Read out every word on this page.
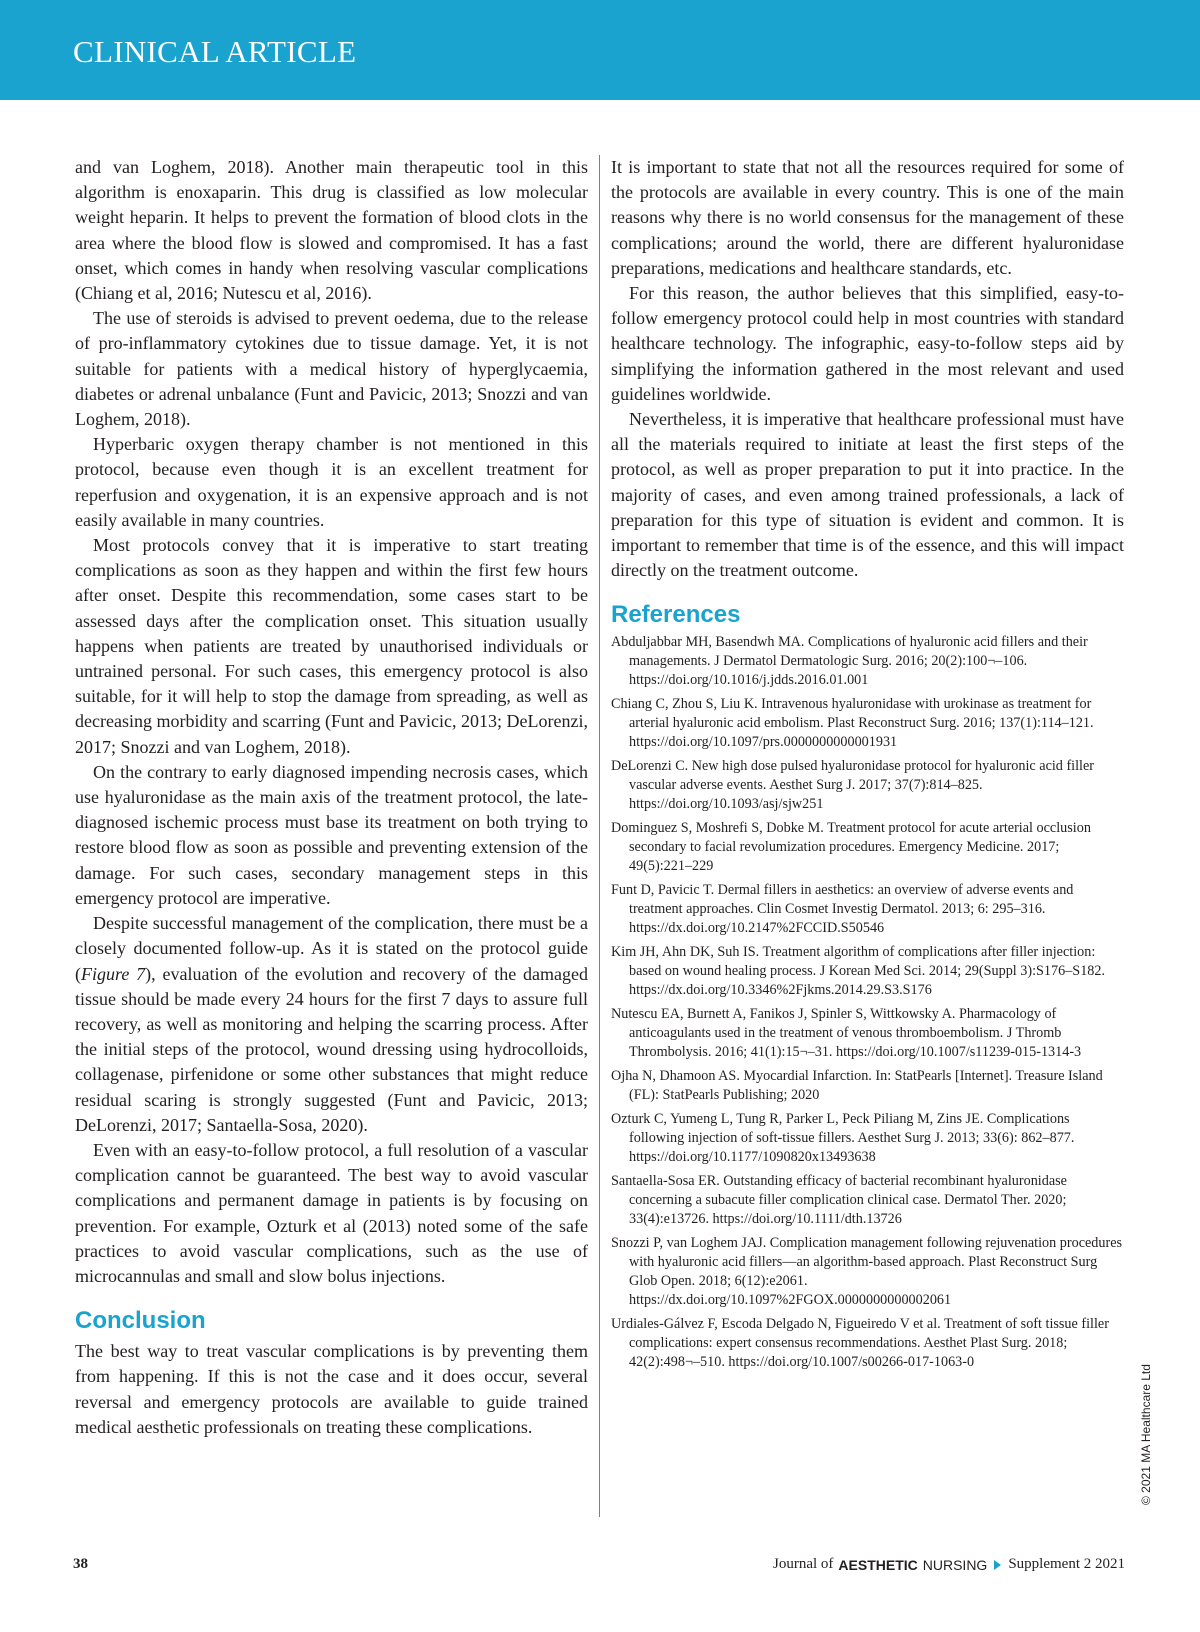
CLINICAL ARTICLE

and van Loghem, 2018). Another main therapeutic tool in this algorithm is enoxaparin. This drug is classified as low molecular weight heparin. It helps to prevent the formation of blood clots in the area where the blood flow is slowed and compromised. It has a fast onset, which comes in handy when resolving vascular complications (Chiang et al, 2016; Nutescu et al, 2016).

The use of steroids is advised to prevent oedema, due to the release of pro-inflammatory cytokines due to tissue damage. Yet, it is not suitable for patients with a medical history of hyperglycaemia, diabetes or adrenal unbalance (Funt and Pavicic, 2013; Snozzi and van Loghem, 2018).

Hyperbaric oxygen therapy chamber is not mentioned in this protocol, because even though it is an excellent treatment for reperfusion and oxygenation, it is an expensive approach and is not easily available in many countries.

Most protocols convey that it is imperative to start treating complications as soon as they happen and within the first few hours after onset. Despite this recommendation, some cases start to be assessed days after the complication onset. This situation usually happens when patients are treated by unauthorised individuals or untrained personal. For such cases, this emergency protocol is also suitable, for it will help to stop the damage from spreading, as well as decreasing morbidity and scarring (Funt and Pavicic, 2013; DeLorenzi, 2017; Snozzi and van Loghem, 2018).

On the contrary to early diagnosed impending necrosis cases, which use hyaluronidase as the main axis of the treatment protocol, the late-diagnosed ischemic process must base its treatment on both trying to restore blood flow as soon as possible and preventing extension of the damage. For such cases, secondary management steps in this emergency protocol are imperative.

Despite successful management of the complication, there must be a closely documented follow-up. As it is stated on the protocol guide (Figure 7), evaluation of the evolution and recovery of the damaged tissue should be made every 24 hours for the first 7 days to assure full recovery, as well as monitoring and helping the scarring process. After the initial steps of the protocol, wound dressing using hydrocolloids, collagenase, pirfenidone or some other substances that might reduce residual scaring is strongly suggested (Funt and Pavicic, 2013; DeLorenzi, 2017; Santaella-Sosa, 2020).

Even with an easy-to-follow protocol, a full resolution of a vascular complication cannot be guaranteed. The best way to avoid vascular complications and permanent damage in patients is by focusing on prevention. For example, Ozturk et al (2013) noted some of the safe practices to avoid vascular complications, such as the use of microcannulas and small and slow bolus injections.

Conclusion

The best way to treat vascular complications is by preventing them from happening. If this is not the case and it does occur, several reversal and emergency protocols are available to guide trained medical aesthetic professionals on treating these complications.

It is important to state that not all the resources required for some of the protocols are available in every country. This is one of the main reasons why there is no world consensus for the management of these complications; around the world, there are different hyaluronidase preparations, medications and healthcare standards, etc.

For this reason, the author believes that this simplified, easy-to-follow emergency protocol could help in most countries with standard healthcare technology. The infographic, easy-to-follow steps aid by simplifying the information gathered in the most relevant and used guidelines worldwide.

Nevertheless, it is imperative that healthcare professional must have all the materials required to initiate at least the first steps of the protocol, as well as proper preparation to put it into practice. In the majority of cases, and even among trained professionals, a lack of preparation for this type of situation is evident and common. It is important to remember that time is of the essence, and this will impact directly on the treatment outcome.

References
Abduljabbar MH, Basendwh MA. Complications of hyaluronic acid fillers and their managements. J Dermatol Dermatologic Surg. 2016; 20(2):100¬–106. https://doi.org/10.1016/j.jdds.2016.01.001
Chiang C, Zhou S, Liu K. Intravenous hyaluronidase with urokinase as treatment for arterial hyaluronic acid embolism. Plast Reconstruct Surg. 2016; 137(1):114–121. https://doi.org/10.1097/prs.0000000000001931
DeLorenzi C. New high dose pulsed hyaluronidase protocol for hyaluronic acid filler vascular adverse events. Aesthet Surg J. 2017; 37(7):814–825. https://doi.org/10.1093/asj/sjw251
Dominguez S, Moshrefi S, Dobke M. Treatment protocol for acute arterial occlusion secondary to facial revolumization procedures. Emergency Medicine. 2017; 49(5):221–229
Funt D, Pavicic T. Dermal fillers in aesthetics: an overview of adverse events and treatment approaches. Clin Cosmet Investig Dermatol. 2013; 6: 295–316. https://dx.doi.org/10.2147%2FCCID.S50546
Kim JH, Ahn DK, Suh IS. Treatment algorithm of complications after filler injection: based on wound healing process. J Korean Med Sci. 2014; 29(Suppl 3):S176–S182. https://dx.doi.org/10.3346%2Fjkms.2014.29.S3.S176
Nutescu EA, Burnett A, Fanikos J, Spinler S, Wittkowsky A. Pharmacology of anticoagulants used in the treatment of venous thromboembolism. J Thromb Thrombolysis. 2016; 41(1):15¬–31. https://doi.org/10.1007/s11239-015-1314-3
Ojha N, Dhamoon AS. Myocardial Infarction. In: StatPearls [Internet]. Treasure Island (FL): StatPearls Publishing; 2020
Ozturk C, Yumeng L, Tung R, Parker L, Peck Piliang M, Zins JE. Complications following injection of soft-tissue fillers. Aesthet Surg J. 2013; 33(6): 862–877. https://doi.org/10.1177/1090820x13493638
Santaella-Sosa ER. Outstanding efficacy of bacterial recombinant hyaluronidase concerning a subacute filler complication clinical case. Dermatol Ther. 2020; 33(4):e13726. https://doi.org/10.1111/dth.13726
Snozzi P, van Loghem JAJ. Complication management following rejuvenation procedures with hyaluronic acid fillers—an algorithm-based approach. Plast Reconstruct Surg Glob Open. 2018; 6(12):e2061. https://dx.doi.org/10.1097%2FGOX.0000000000002061
Urdiales-Gálvez F, Escoda Delgado N, Figueiredo V et al. Treatment of soft tissue filler complications: expert consensus recommendations. Aesthet Plast Surg. 2018; 42(2):498¬–510. https://doi.org/10.1007/s00266-017-1063-0

38	Journal of AESTHETIC NURSING Supplement 2 2021

© 2021 MA Healthcare Ltd
